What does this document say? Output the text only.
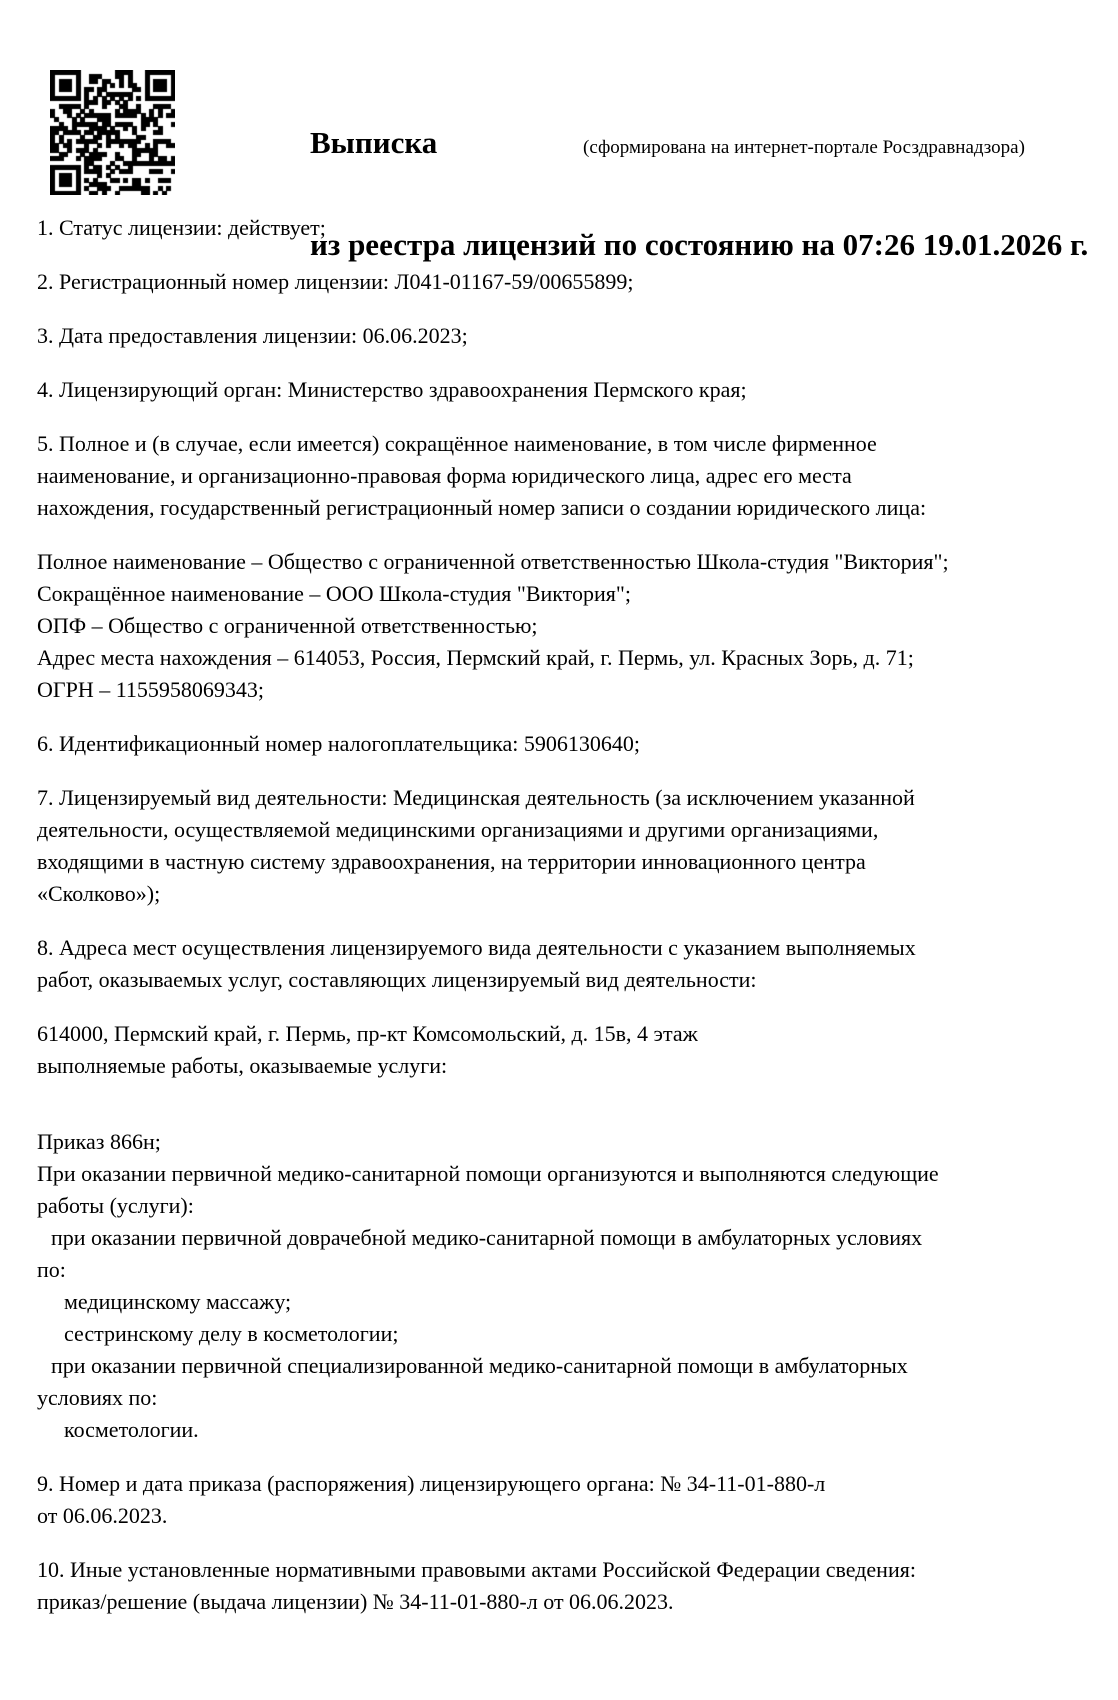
Выписка

из реестра лицензий по состоянию на 07:26 19.01.2026 г.

(сформирована на интернет-портале Росздравнадзора)
1. Статус лицензии: действует;
2. Регистрационный номер лицензии: Л041-01167-59/00655899;
3. Дата предоставления лицензии: 06.06.2023;
4. Лицензирующий орган: Министерство здравоохранения Пермского края;
5. Полное и (в случае, если имеется) сокращённое наименование, в том числе фирменное
наименование, и организационно-правовая форма юридического лица, адрес его места
нахождения, государственный регистрационный номер записи о создании юридического лица:
Полное наименование – Общество с ограниченной ответственностью Школа-студия "Виктория";
Сокращённое наименование – ООО Школа-студия "Виктория";
ОПФ – Общество с ограниченной ответственностью;
Адрес места нахождения – 614053, Россия, Пермский край, г. Пермь, ул. Красных Зорь, д. 71;
ОГРН – 1155958069343;
6. Идентификационный номер налогоплательщика: 5906130640;
7. Лицензируемый вид деятельности: Медицинская деятельность (за исключением указанной
деятельности, осуществляемой медицинскими организациями и другими организациями,
входящими в частную систему здравоохранения, на территории инновационного центра
«Сколково»);
8. Адреса мест осуществления лицензируемого вида деятельности с указанием выполняемых
работ, оказываемых услуг, составляющих лицензируемый вид деятельности:
614000, Пермский край, г. Пермь, пр-кт Комсомольский, д. 15в, 4 этаж
выполняемые работы, оказываемые услуги:
Приказ 866н;
При оказании первичной медико-санитарной помощи организуются и выполняются следующие
работы (услуги):
при оказании первичной доврачебной медико-санитарной помощи в амбулаторных условиях
по:
медицинскому массажу;
сестринскому делу в косметологии;
при оказании первичной специализированной медико-санитарной помощи в амбулаторных
условиях по:
косметологии.
9. Номер и дата приказа (распоряжения) лицензирующего органа: № 34-11-01-880-л
от 06.06.2023.
10. Иные установленные нормативными правовыми актами Российской Федерации сведения:
приказ/решение (выдача лицензии) № 34-11-01-880-л от 06.06.2023.
